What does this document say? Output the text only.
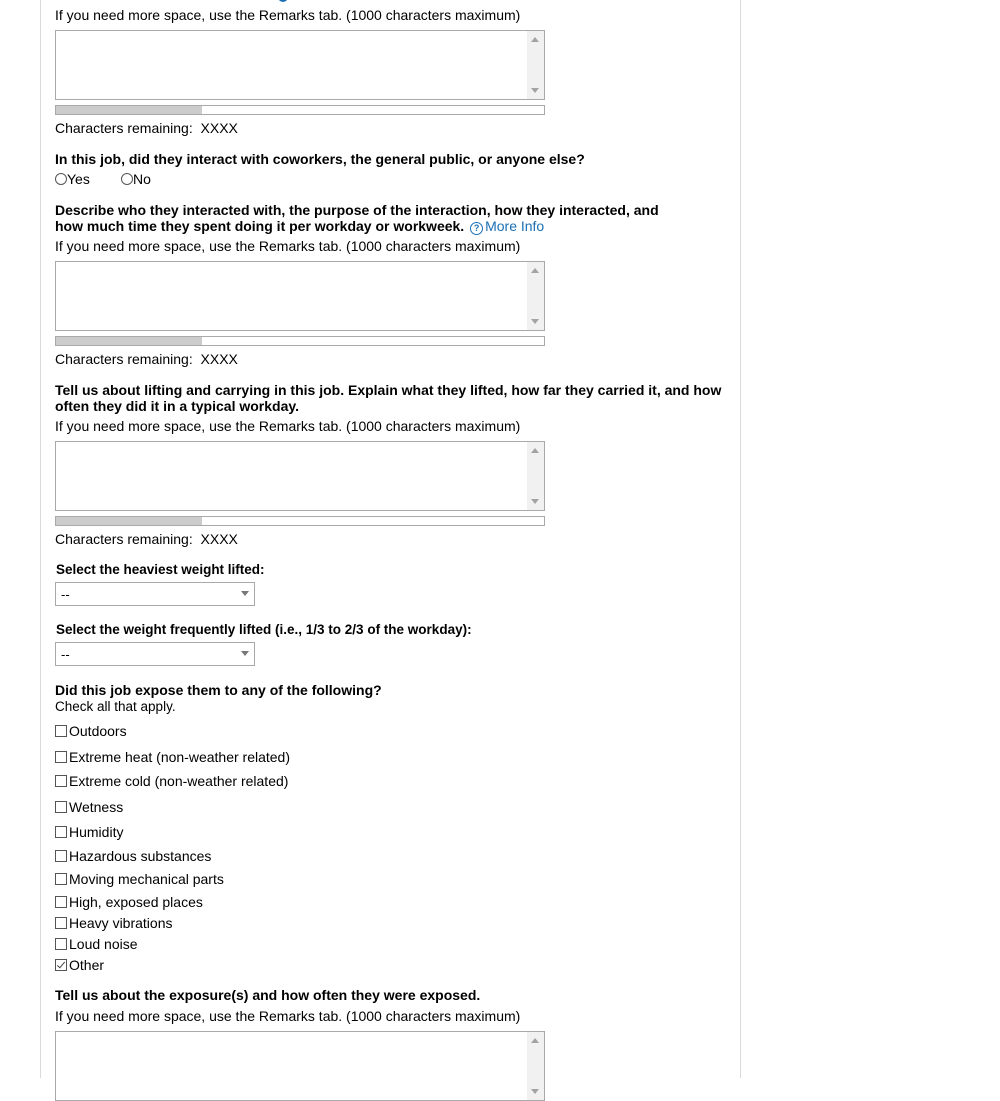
If you need more space, use the Remarks tab. (1000 characters maximum)
Characters remaining: XXXX
In this job, did they interact with coworkers, the general public, or anyone else?
Yes	No
Describe who they interacted with, the purpose of the interaction, how they interacted, and
how much time they spent doing it per workday or workweek. ? More Info
If you need more space, use the Remarks tab. (1000 characters maximum)
Characters remaining: XXXX
Tell us about lifting and carrying in this job. Explain what they lifted, how far they carried it, and how
often they did it in a typical workday.
If you need more space, use the Remarks tab. (1000 characters maximum)
Characters remaining: XXXX
Select the heaviest weight lifted:
--
Select the weight frequently lifted (i.e., 1/3 to 2/3 of the workday):
--
Did this job expose them to any of the following?
Check all that apply.
Outdoors
Extreme heat (non-weather related)
Extreme cold (non-weather related)
Wetness
Humidity
Hazardous substances
Moving mechanical parts
High, exposed places
Heavy vibrations
Loud noise
Other
Tell us about the exposure(s) and how often they were exposed.
If you need more space, use the Remarks tab. (1000 characters maximum)
